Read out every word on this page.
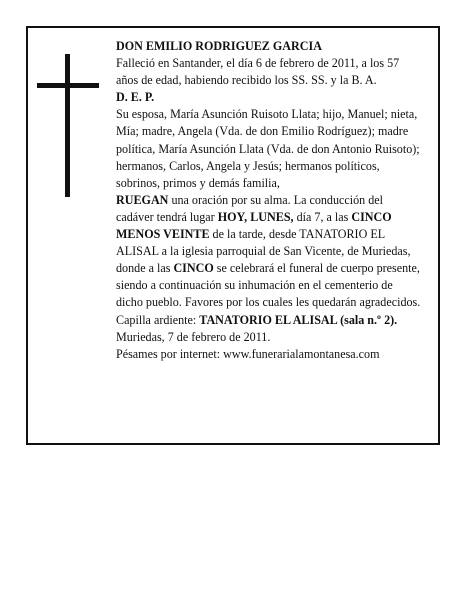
DON EMILIO RODRIGUEZ GARCIA

Falleció en Santander, el día 6 de febrero de 2011, a los 57 años de edad, habiendo recibido los SS. SS. y la B. A.

D. E. P.

Su esposa, María Asunción Ruisoto Llata; hijo, Manuel; nieta, Mía; madre, Angela (Vda. de don Emilio Rodríguez); madre política, María Asunción Llata (Vda. de don Antonio Ruisoto); hermanos, Carlos, Angela y Jesús; hermanos políticos, sobrinos, primos y demás familia,

RUEGAN una oración por su alma. La conducción del cadáver tendrá lugar HOY, LUNES, día 7, a las CINCO MENOS VEINTE de la tarde, desde TANATORIO EL ALISAL a la iglesia parroquial de San Vicente, de Muriedas, donde a las CINCO se celebrará el funeral de cuerpo presente, siendo a continuación su inhumación en el cementerio de dicho pueblo. Favores por los cuales les quedarán agradecidos. Capilla ardiente: TANATORIO EL ALISAL (sala n.º 2).

Muriedas, 7 de febrero de 2011.

Pésames por internet: www.funerarialamontanesa.com
